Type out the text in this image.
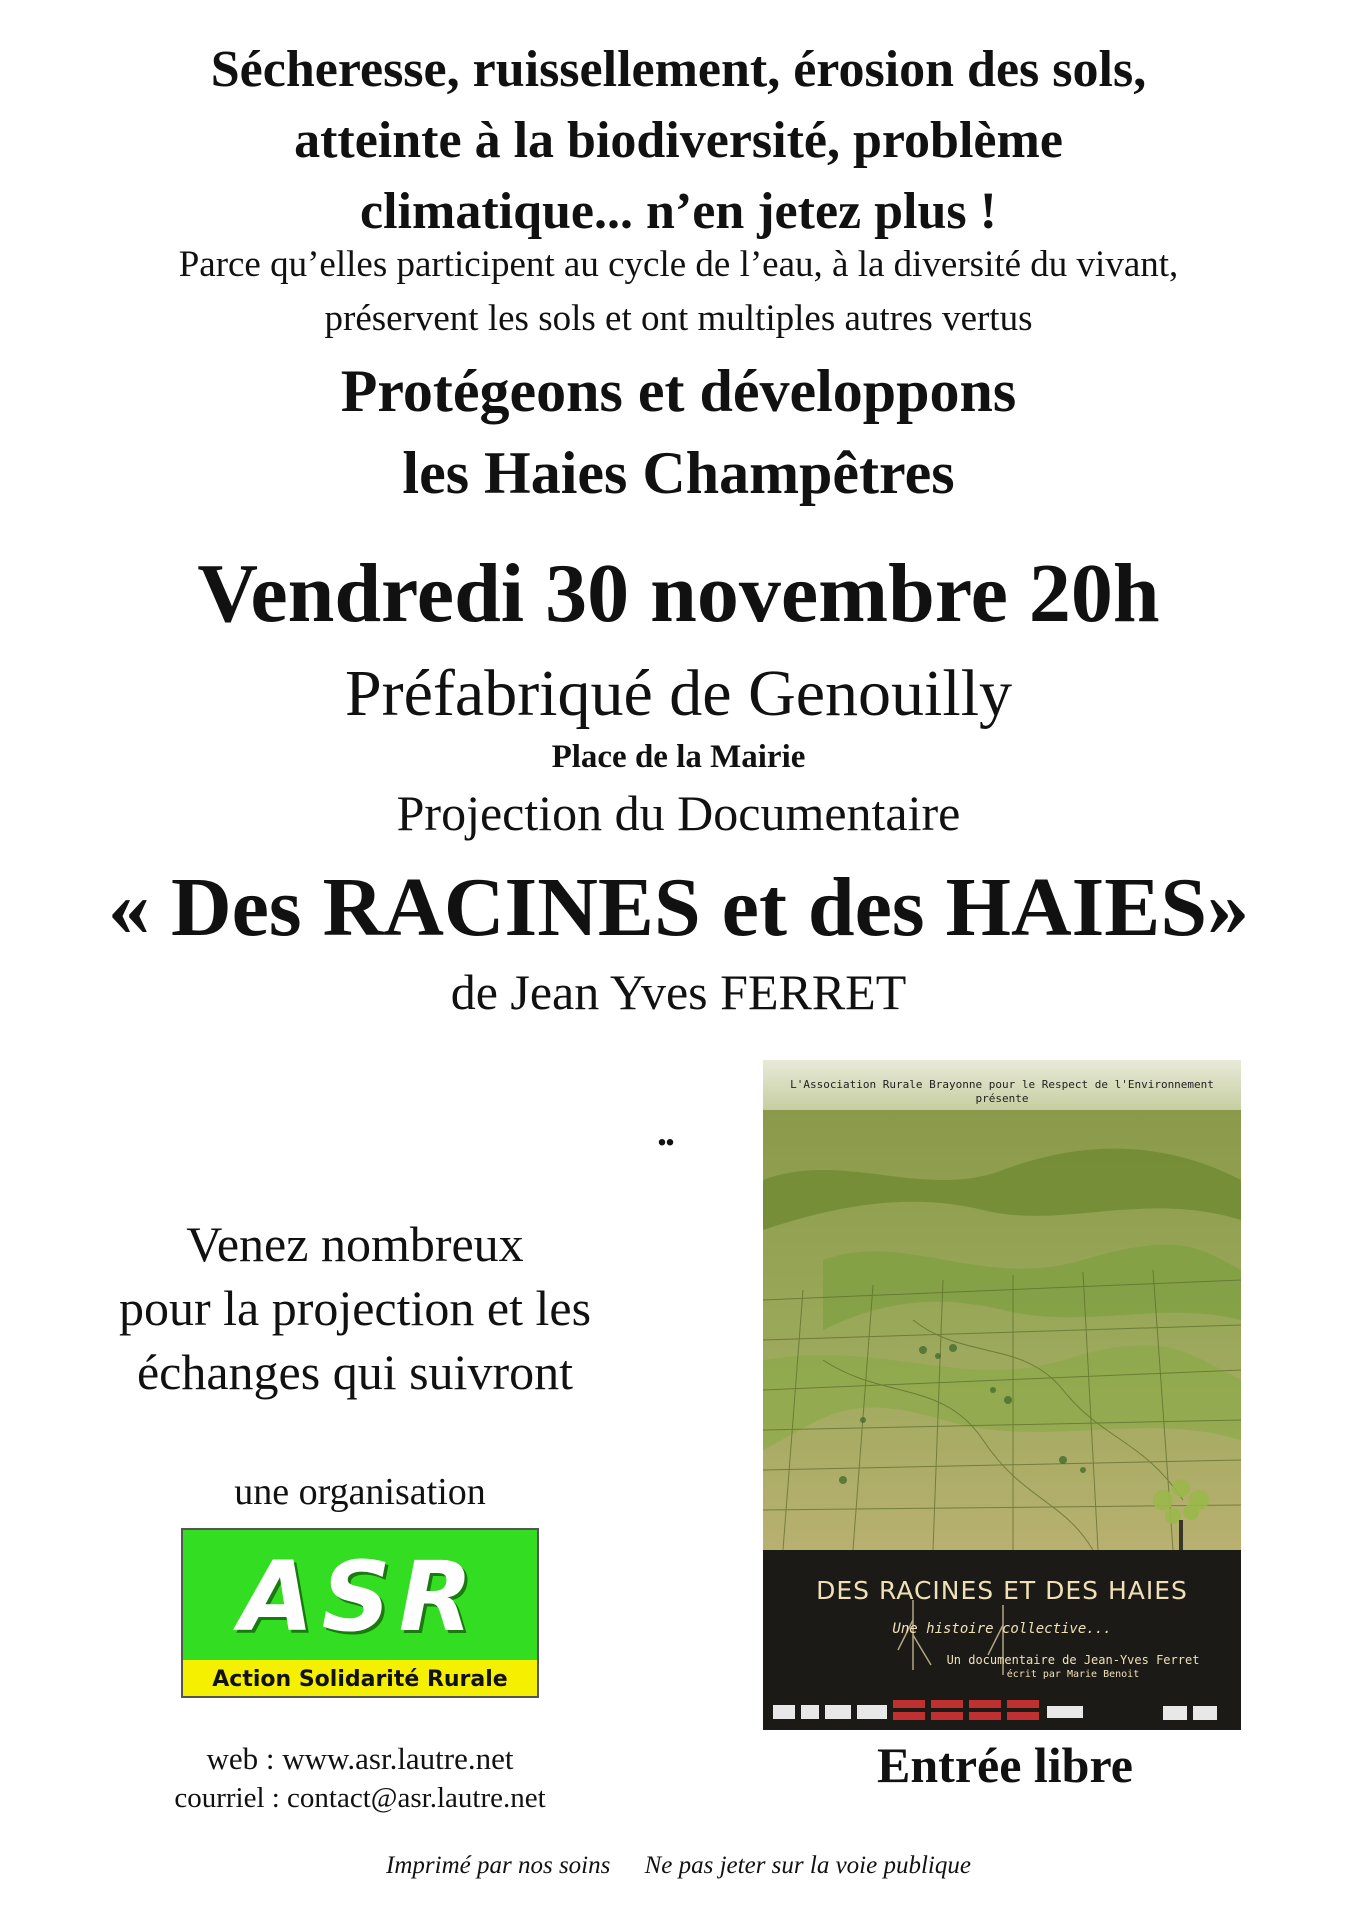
Sécheresse, ruissellement, érosion des sols,
atteinte à la biodiversité, problème
climatique... n’en jetez plus !
Parce qu’elles participent au cycle de l’eau, à la diversité du vivant,
préservent les sols et ont multiples autres vertus
Protégeons et développons
les Haies Champêtres
Vendredi 30 novembre 20h
Préfabriqué de Genouilly
Place de la Mairie
Projection du Documentaire
« Des RACINES et des HAIES»
de Jean Yves FERRET
..
Venez nombreux
pour la projection et les
échanges qui suivront
une organisation
ASR
Action Solidarité Rurale
web : www.asr.lautre.net
courriel : contact@asr.lautre.net
L'Association Rurale Brayonne pour le Respect de l'Environnement présente
DES RACINES ET DES HAIES
Une histoire collective...
Un documentaire de Jean-Yves Ferret
écrit par Marie Benoit
Entrée libre
Imprimé par nos soins Ne pas jeter sur la voie publique
